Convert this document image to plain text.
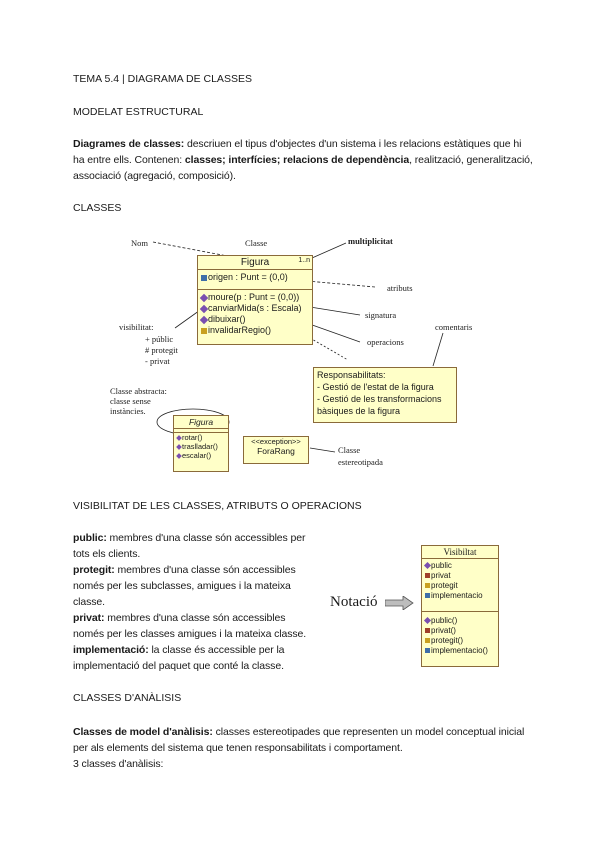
TEMA 5.4 | DIAGRAMA DE CLASSES
MODELAT ESTRUCTURAL
Diagrames de classes: descriuen el tipus d'objectes d'un sistema i les relacions estàtiques que hi ha entre ells. Contenen: classes; interfícies; relacions de dependència, realització, generalització, associació (agregació, composició).
CLASSES
Nom	Classe	multiplicitat
Figura	1..n
origen : Punt = (0,0)
moure(p : Punt = (0,0))
canviarMida(s : Escala)
dibuixar()
invalidarRegio()
atributs
signatura
operacions
comentaris
visibilitat:
+ públic
# protegit
- privat
Responsabilitats:
- Gestió de l'estat de la figura
- Gestió de les transformacions
bàsiques de la figura
Classe abstracta:
classe sense
instàncies.
Figura
rotar()
traslladar()
escalar()
<<exception>>
ForaRang	Classe
estereotipada
VISIBILITAT DE LES CLASSES, ATRIBUTS O OPERACIONS
public: membres d'una classe són accessibles per tots els clients.
protegit: membres d'una classe són accessibles només per les subclasses, amigues i la mateixa classe.
privat: membres d'una classe són accessibles només per les classes amigues i la mateixa classe.
implementació: la classe és accessible per la implementació del paquet que conté la classe.
Notació
Visibiltat
public
privat
protegit
implementacio
public()
privat()
protegit()
implementacio()
CLASSES D'ANÀLISIS
Classes de model d'anàlisis: classes estereotipades que representen un model conceptual inicial per als elements del sistema que tenen responsabilitats i comportament.
3 classes d'anàlisis:
